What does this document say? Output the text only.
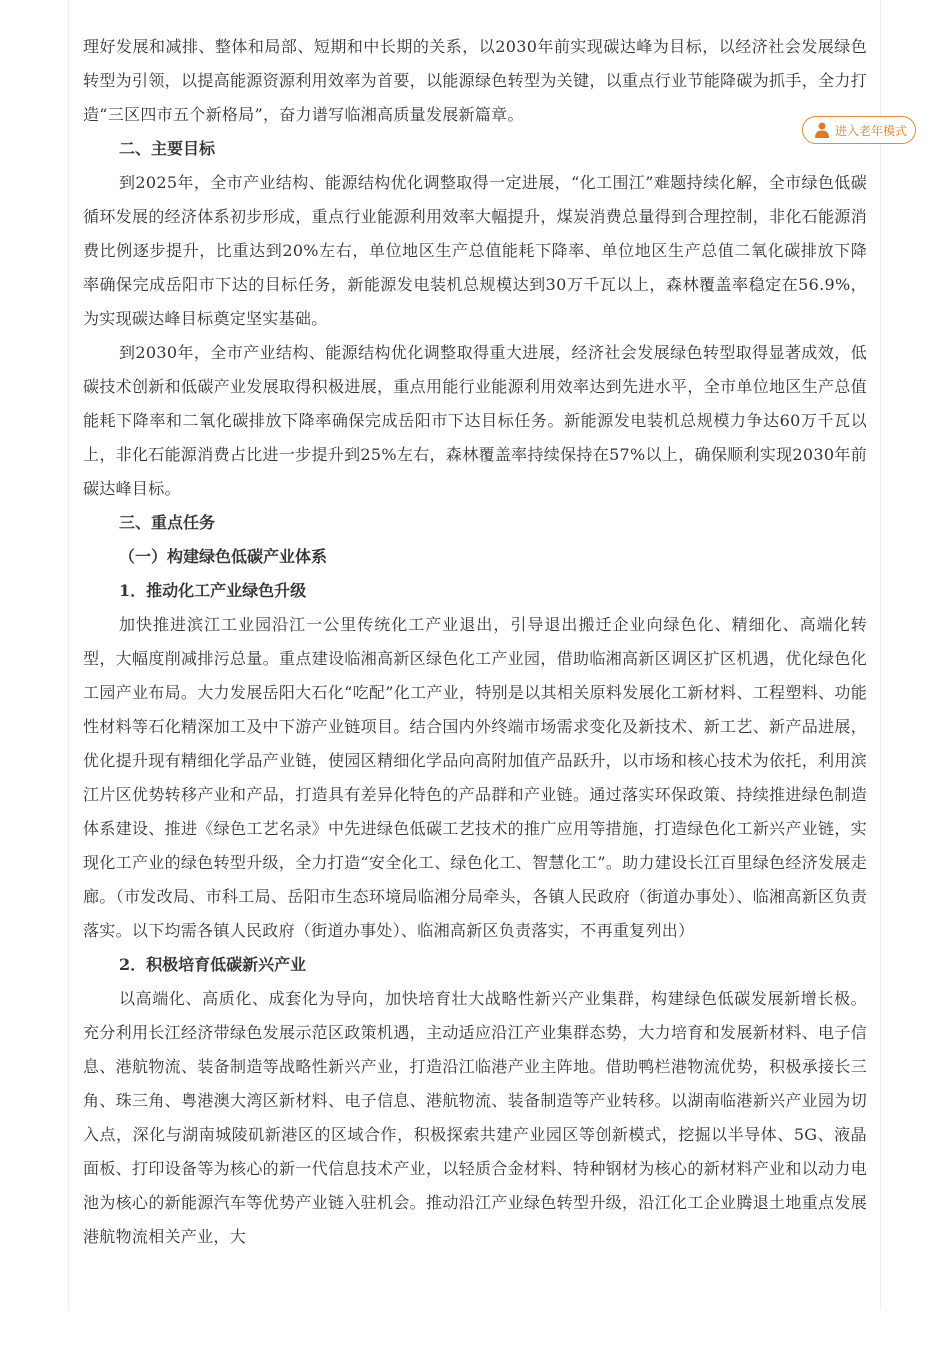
理好发展和减排、整体和局部、短期和中长期的关系，以2030年前实现碳达峰为目标，以经济社会发展绿色转型为引领，以提高能源资源利用效率为首要，以能源绿色转型为关键，以重点行业节能降碳为抓手，全力打造“三区四市五个新格局”，奋力谱写临湘高质量发展新篇章。

二、主要目标

到2025年，全市产业结构、能源结构优化调整取得一定进展，“化工围江”难题持续化解，全市绿色低碳循环发展的经济体系初步形成，重点行业能源利用效率大幅提升，煤炭消费总量得到合理控制，非化石能源消费比例逐步提升，比重达到20%左右，单位地区生产总值能耗下降率、单位地区生产总值二氧化碳排放下降率确保完成岳阳市下达的目标任务，新能源发电装机总规模达到30万千瓦以上，森林覆盖率稳定在56.9%，为实现碳达峰目标奠定坚实基础。

到2030年，全市产业结构、能源结构优化调整取得重大进展，经济社会发展绿色转型取得显著成效，低碳技术创新和低碳产业发展取得积极进展，重点用能行业能源利用效率达到先进水平，全市单位地区生产总值能耗下降率和二氧化碳排放下降率确保完成岳阳市下达目标任务。新能源发电装机总规模力争达60万千瓦以上，非化石能源消费占比进一步提升到25%左右，森林覆盖率持续保持在57%以上，确保顺利实现2030年前碳达峰目标。

三、重点任务

（一）构建绿色低碳产业体系

1．推动化工产业绿色升级

加快推进滨江工业园沿江一公里传统化工产业退出，引导退出搬迁企业向绿色化、精细化、高端化转型，大幅度削减排污总量。重点建设临湘高新区绿色化工产业园，借助临湘高新区调区扩区机遇，优化绿色化工园产业布局。大力发展岳阳大石化“吃配”化工产业，特别是以其相关原料发展化工新材料、工程塑料、功能性材料等石化精深加工及中下游产业链项目。结合国内外终端市场需求变化及新技术、新工艺、新产品进展，优化提升现有精细化学品产业链，使园区精细化学品向高附加值产品跃升，以市场和核心技术为依托，利用滨江片区优势转移产业和产品，打造具有差异化特色的产品群和产业链。通过落实环保政策、持续推进绿色制造体系建设、推进《绿色工艺名录》中先进绿色低碳工艺技术的推广应用等措施，打造绿色化工新兴产业链，实现化工产业的绿色转型升级，全力打造“安全化工、绿色化工、智慧化工”。助力建设长江百里绿色经济发展走廊。（市发改局、市科工局、岳阳市生态环境局临湘分局牵头，各镇人民政府（街道办事处）、临湘高新区负责落实。以下均需各镇人民政府（街道办事处）、临湘高新区负责落实，不再重复列出）

2．积极培育低碳新兴产业

以高端化、高质化、成套化为导向，加快培育壮大战略性新兴产业集群，构建绿色低碳发展新增长极。充分利用长江经济带绿色发展示范区政策机遇，主动适应沿江产业集群态势，大力培育和发展新材料、电子信息、港航物流、装备制造等战略性新兴产业，打造沿江临港产业主阵地。借助鸭栏港物流优势，积极承接长三角、珠三角、粤港澳大湾区新材料、电子信息、港航物流、装备制造等产业转移。以湖南临港新兴产业园为切入点，深化与湖南城陵矶新港区的区域合作，积极探索共建产业园区等创新模式，挖掘以半导体、5G、液晶面板、打印设备等为核心的新一代信息技术产业，以轻质合金材料、特种钢材为核心的新材料产业和以动力电池为核心的新能源汽车等优势产业链入驻机会。推动沿江产业绿色转型升级，沿江化工企业腾退土地重点发展港航物流相关产业，大

进入老年模式
